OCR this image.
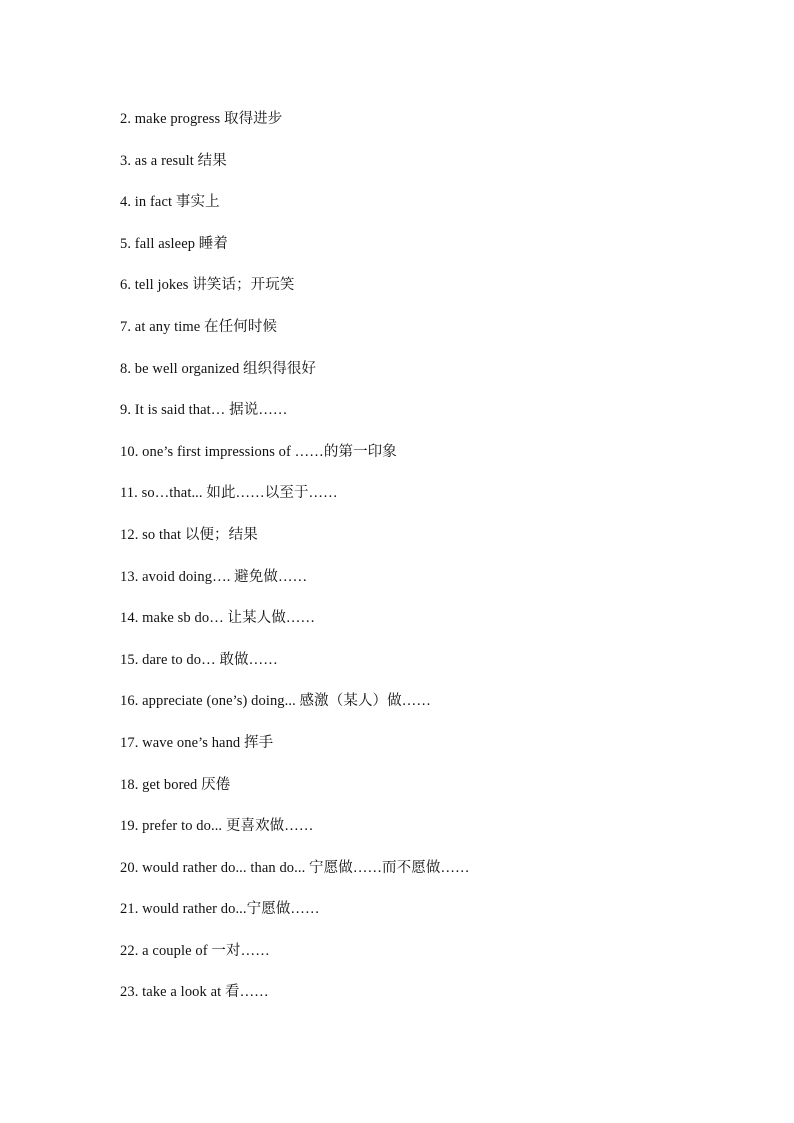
2. make progress 取得进步
3. as a result 结果
4. in fact 事实上
5. fall asleep 睡着
6. tell jokes 讲笑话；开玩笑
7. at any time 在任何时候
8. be well organized 组织得很好
9. It is said that… 据说……
10. one’s first impressions of ……的第一印象
11. so…that... 如此……以至于……
12. so that 以便；结果
13. avoid doing…. 避免做……
14. make sb do… 让某人做……
15. dare to do… 敢做……
16. appreciate (one’s) doing... 感激（某人）做……
17. wave one’s hand 挥手
18. get bored 厌倦
19. prefer to do... 更喜欢做……
20. would rather do... than do... 宁愿做……而不愿做……
21. would rather do...宁愿做……
22. a couple of 一对……
23. take a look at 看……
